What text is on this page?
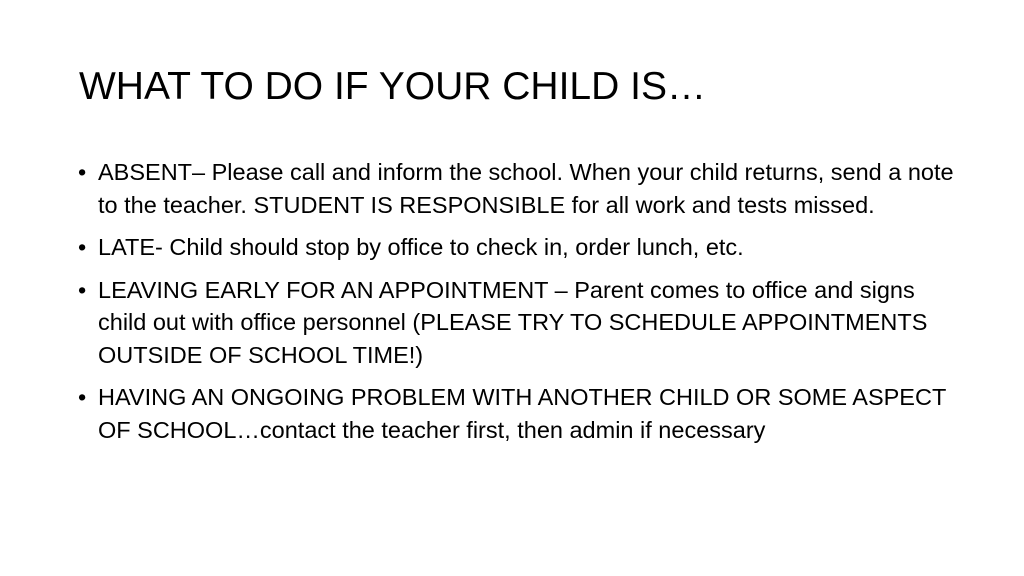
WHAT TO DO IF YOUR CHILD IS…
• ABSENT– Please call and inform the school. When your child returns, send a note to the teacher. STUDENT IS RESPONSIBLE for all work and tests missed.
• LATE- Child should stop by office to check in, order lunch, etc.
• LEAVING EARLY FOR AN APPOINTMENT – Parent comes to office and signs child out with office personnel (PLEASE TRY TO SCHEDULE APPOINTMENTS OUTSIDE OF SCHOOL TIME!)
• HAVING AN ONGOING PROBLEM WITH ANOTHER CHILD OR SOME ASPECT OF SCHOOL…contact the teacher first, then admin if necessary
